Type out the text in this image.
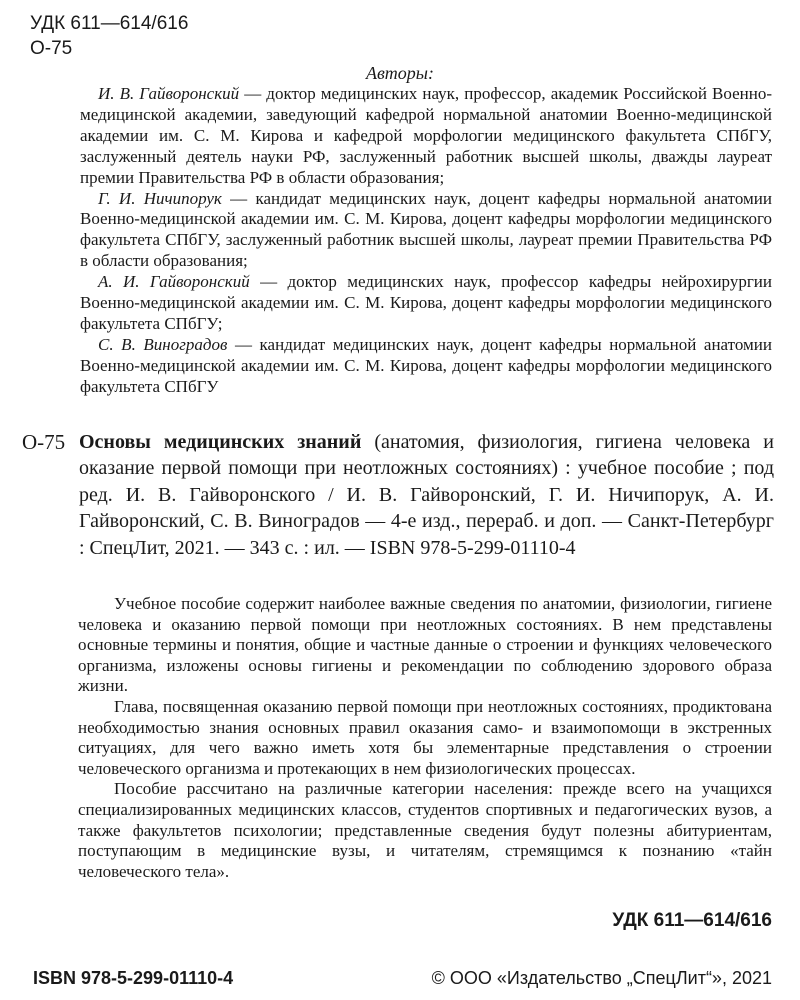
УДК 611—614/616
О-75
Авторы:

И. В. Гайворонский — доктор медицинских наук, профессор, академик Российской Военно-медицинской академии, заведующий кафедрой нормальной анатомии Военно-медицинской академии им. С. М. Кирова и кафедрой морфологии медицинского факультета СПбГУ, заслуженный деятель науки РФ, заслуженный работник высшей школы, дважды лауреат премии Правительства РФ в области образования;

Г. И. Ничипорук — кандидат медицинских наук, доцент кафедры нормальной анатомии Военно-медицинской академии им. С. М. Кирова, доцент кафедры морфологии медицинского факультета СПбГУ, заслуженный работник высшей школы, лауреат премии Правительства РФ в области образования;

А. И. Гайворонский — доктор медицинских наук, профессор кафедры нейрохирургии Военно-медицинской академии им. С. М. Кирова, доцент кафедры морфологии медицинского факультета СПбГУ;

С. В. Виноградов — кандидат медицинских наук, доцент кафедры нормальной анатомии Военно-медицинской академии им. С. М. Кирова, доцент кафедры морфологии медицинского факультета СПбГУ

О-75 Основы медицинских знаний (анатомия, физиология, гигиена человека и оказание первой помощи при неотложных состояниях) : учебное пособие ; под ред. И. В. Гайворонского / И. В. Гайворонский, Г. И. Ничипорук, А. И. Гайворонский, С. В. Виноградов — 4-е изд., перераб. и доп. — Санкт-Петербург : СпецЛит, 2021. — 343 с. : ил. — ISBN 978-5-299-01110-4

Учебное пособие содержит наиболее важные сведения по анатомии, физиологии, гигиене человека и оказанию первой помощи при неотложных состояниях. В нем представлены основные термины и понятия, общие и частные данные о строении и функциях человеческого организма, изложены основы гигиены и рекомендации по соблюдению здорового образа жизни.

Глава, посвященная оказанию первой помощи при неотложных состояниях, продиктована необходимостью знания основных правил оказания само- и взаимопомощи в экстренных ситуациях, для чего важно иметь хотя бы элементарные представления о строении человеческого организма и протекающих в нем физиологических процессах.

Пособие рассчитано на различные категории населения: прежде всего на учащихся специализированных медицинских классов, студентов спортивных и педагогических вузов, а также факультетов психологии; представленные сведения будут полезны абитуриентам, поступающим в медицинские вузы, и читателям, стремящимся к познанию «тайн человеческого тела».

УДК 611—614/616
ISBN 978-5-299-01110-4	© ООО «Издательство „СпецЛит“», 2021
